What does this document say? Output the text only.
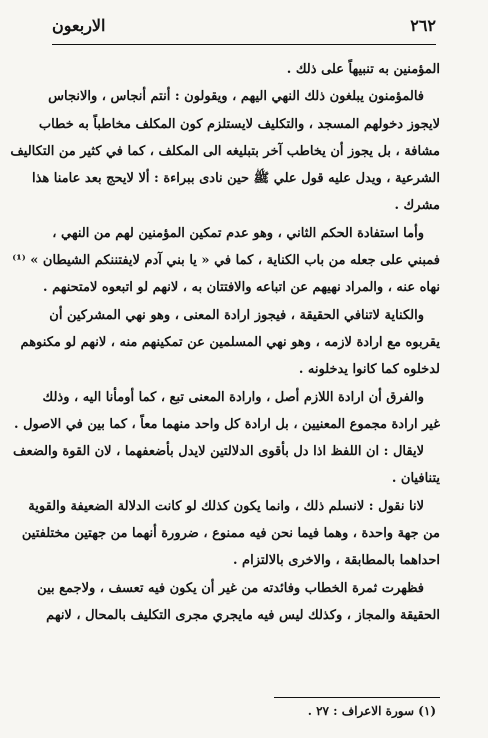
٢٦٢
الاربعون
المؤمنين به تنبيهاً على ذلك .
فالمؤمنون يبلغون ذلك النهي اليهم ، ويقولون : أنتم أنجاس ، والانجاس
لايجوز دخولهم المسجد ، والتكليف لايستلزم كون المكلف مخاطباً به خطاب
مشافة ، بل يجوز أن يخاطب آخر بتبليغه الى المكلف ، كما في كثير من التكاليف
الشرعية ، ويدل عليه قول علي ﷺ حين نادى ببراءة : ألا لايحج بعد عامنا هذا
مشرك .
وأما استفادة الحكم الثاني ، وهو عدم تمكين المؤمنين لهم من النهي ،
فمبني على جعله من باب الكناية ، كما في « يا بني آدم لايفتننكم الشيطان » ⁽¹⁾
نهاه عنه ، والمراد نهيهم عن اتباعه والافتتان به ، لانهم لو اتبعوه لامتحنهم .
والكناية لاتنافي الحقيقة ، فيجوز ارادة المعنى ، وهو نهي المشركين أن
يقربوه مع ارادة لازمه ، وهو نهي المسلمين عن تمكينهم منه ، لانهم لو مكنوهم
لدخلوه كما كانوا يدخلونه .
والفرق أن ارادة اللازم أصل ، وارادة المعنى تبع ، كما أومأنا اليه ، وذلك
غير ارادة مجموع المعنيين ، بل ارادة كل واحد منهما معاً ، كما بين في الاصول .
لايقال : ان اللفظ اذا دل بأقوى الدلالتين لايدل بأضعفهما ، لان القوة والضعف
يتنافيان .
لانا نقول : لانسلم ذلك ، وانما يكون كذلك لو كانت الدلالة الضعيفة والقوية
من جهة واحدة ، وهما فيما نحن فيه ممنوع ، ضرورة أنهما من جهتين مختلفتين
احداهما بالمطابقة ، والاخرى بالالتزام .
فظهرت ثمرة الخطاب وفائدته من غير أن يكون فيه تعسف ، ولاجمع بين
الحقيقة والمجاز ، وكذلك ليس فيه مايجري مجرى التكليف بالمحال ، لانهم
(١) سورة الاعراف : ٢٧ .
